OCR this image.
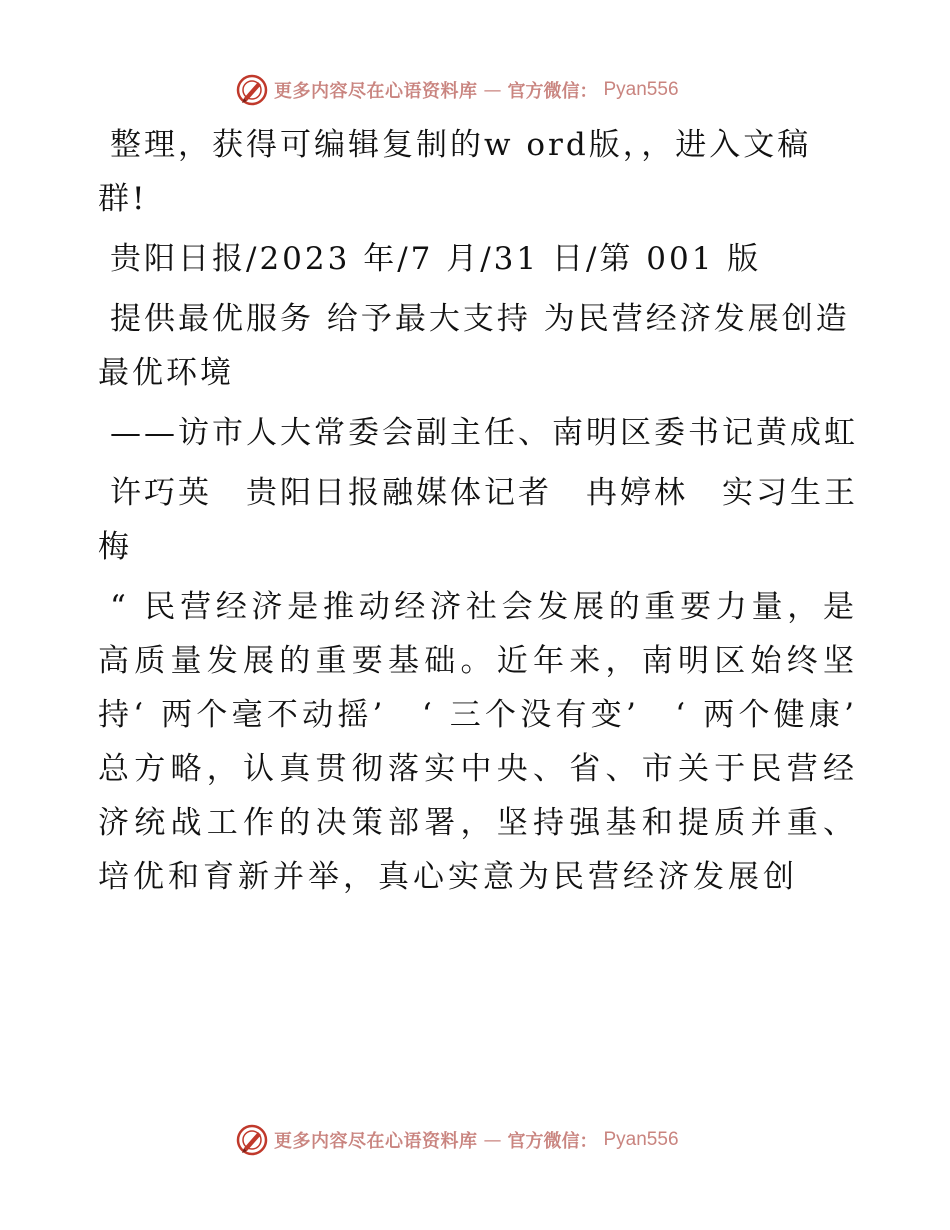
更多内容尽在心语资料库 — 官方微信： Pyan556

整理，获得可编辑复制的w ord版，，进入文稿群!

贵阳日报/2023 年/7 月/31 日/第 001 版

提供最优服务 给予最大支持 为民营经济发展创造最优环境

——访市人大常委会副主任、南明区委书记黄成虹

许巧英　贵阳日报融媒体记者　冉婷林　实习生王梅

“ 民营经济是推动经济社会发展的重要力量，是高质量发展的重要基础。近年来，南明区始终坚持‘ 两个毫不动摇’　‘ 三个没有变’　‘ 两个健康’ 总方略，认真贯彻落实中央、省、市关于民营经济统战工作的决策部署，坚持强基和提质并重、培优和育新并举，真心实意为民营经济发展创

更多内容尽在心语资料库 — 官方微信： Pyan556
